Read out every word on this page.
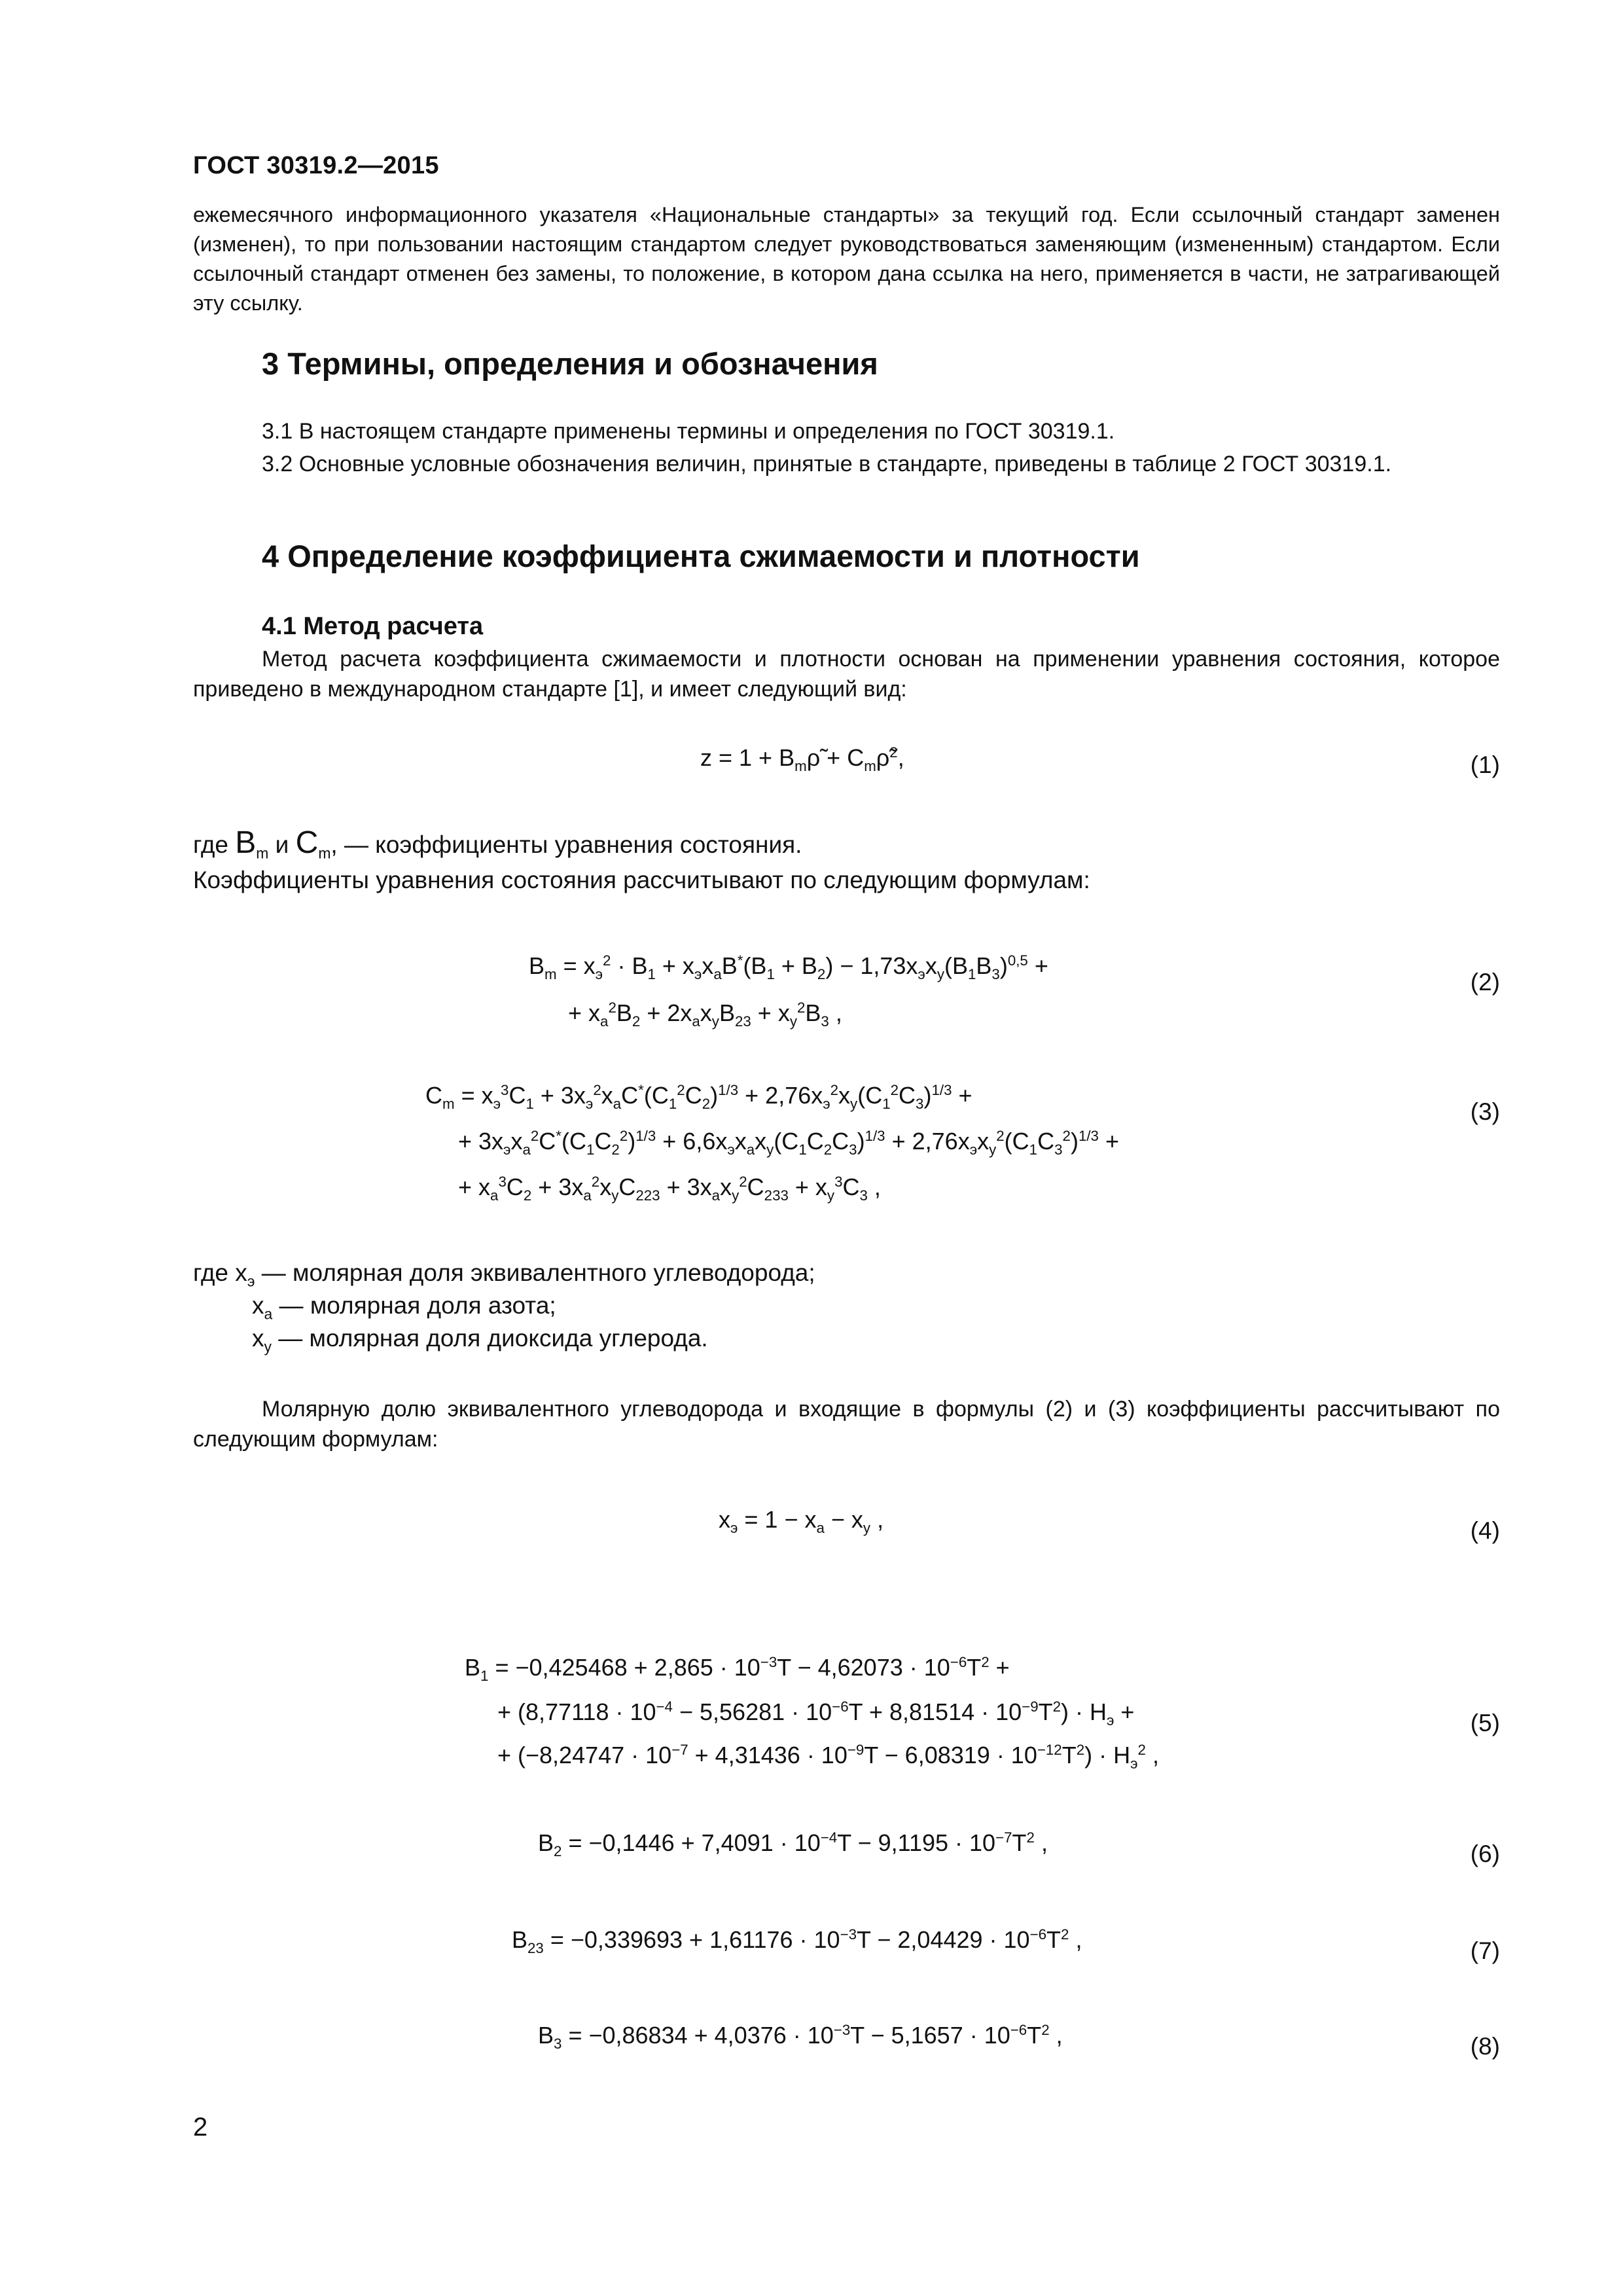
ГОСТ 30319.2—2015
ежемесячного информационного указателя «Национальные стандарты» за текущий год. Если ссылочный стандарт заменен (изменен), то при пользовании настоящим стандартом следует руководствоваться заменяющим (измененным) стандартом. Если ссылочный стандарт отменен без замены, то положение, в котором дана ссылка на него, применяется в части, не затрагивающей эту ссылку.
3 Термины, определения и обозначения
3.1 В настоящем стандарте применены термины и определения по ГОСТ 30319.1.
3.2 Основные условные обозначения величин, принятые в стандарте, приведены в таблице 2 ГОСТ 30319.1.
4 Определение коэффициента сжимаемости и плотности
4.1 Метод расчета
Метод расчета коэффициента сжимаемости и плотности основан на применении уравнения состояния, которое приведено в международном стандарте [1], и имеет следующий вид:
$z = 1 + B_m\rhõ$ + $C_m\rhõ^2$,	(1)
где $B_m$ и $C_m$, — коэффициенты уравнения состояния.
Коэффициенты уравнения состояния рассчитывают по следующим формулам:
$B_m = x_э^2 \cdot B_1 + x_эx_aB^*(B_1 + B_2) - 1,73x_эx_y(B_1B_3)^{0,5}$ +
+ $x_a^2B_2 + 2x_ax_yB_{23} + x_y^2B_3$ ,
(2)
$C_m = x_э^3C_1 + 3x_э^2x_aC^*(C_1^2C_2)^{1/3} + 2,76x_э^2x_y(C_1^2C_3)^{1/3}$ +
+ $3x_эx_a^2C^*(C_1C_2^2)^{1/3} + 6,6x_эx_ax_y(C_1C_2C_3)^{1/3} + 2,76x_эx_y^2(C_1C_3^2)^{1/3}$ +
+ $x_a^3C_2 + 3x_a^2x_yC_{223} + 3x_ax_y^2C_{233} + x_y^3C_3$ ,
(3)
где $x_э$ — молярная доля эквивалентного углеводорода;
$x_a$ — молярная доля азота;
$x_y$ — молярная доля диоксида углерода.
Молярную долю эквивалентного углеводорода и входящие в формулы (2) и (3) коэффициенты рассчитывают по следующим формулам:
$x_э = 1 - x_a - x_y$ ,	(4)
$B_1 = -0,425468 + 2,865 \cdot 10^{-3}T - 4,62073 \cdot 10^{-6}T^2$ +
+ $(8,77118 \cdot 10^{-4} - 5,56281 \cdot 10^{-6}T + 8,81514 \cdot 10^{-9}T^2) \cdot H_э$ +
+ $(-8,24747 \cdot 10^{-7} + 4,31436 \cdot 10^{-9}T - 6,08319 \cdot 10^{-12}T^2) \cdot H_э^2$ ,
(5)
$B_2 = -0,1446 + 7,4091 \cdot 10^{-4}T - 9,1195 \cdot 10^{-7}T^2$ ,	(6)
$B_{23} = -0,339693 + 1,61176 \cdot 10^{-3}T - 2,04429 \cdot 10^{-6}T^2$ ,	(7)
$B_3 = -0,86834 + 4,0376 \cdot 10^{-3}T - 5,1657 \cdot 10^{-6}T^2$ ,	(8)
2
